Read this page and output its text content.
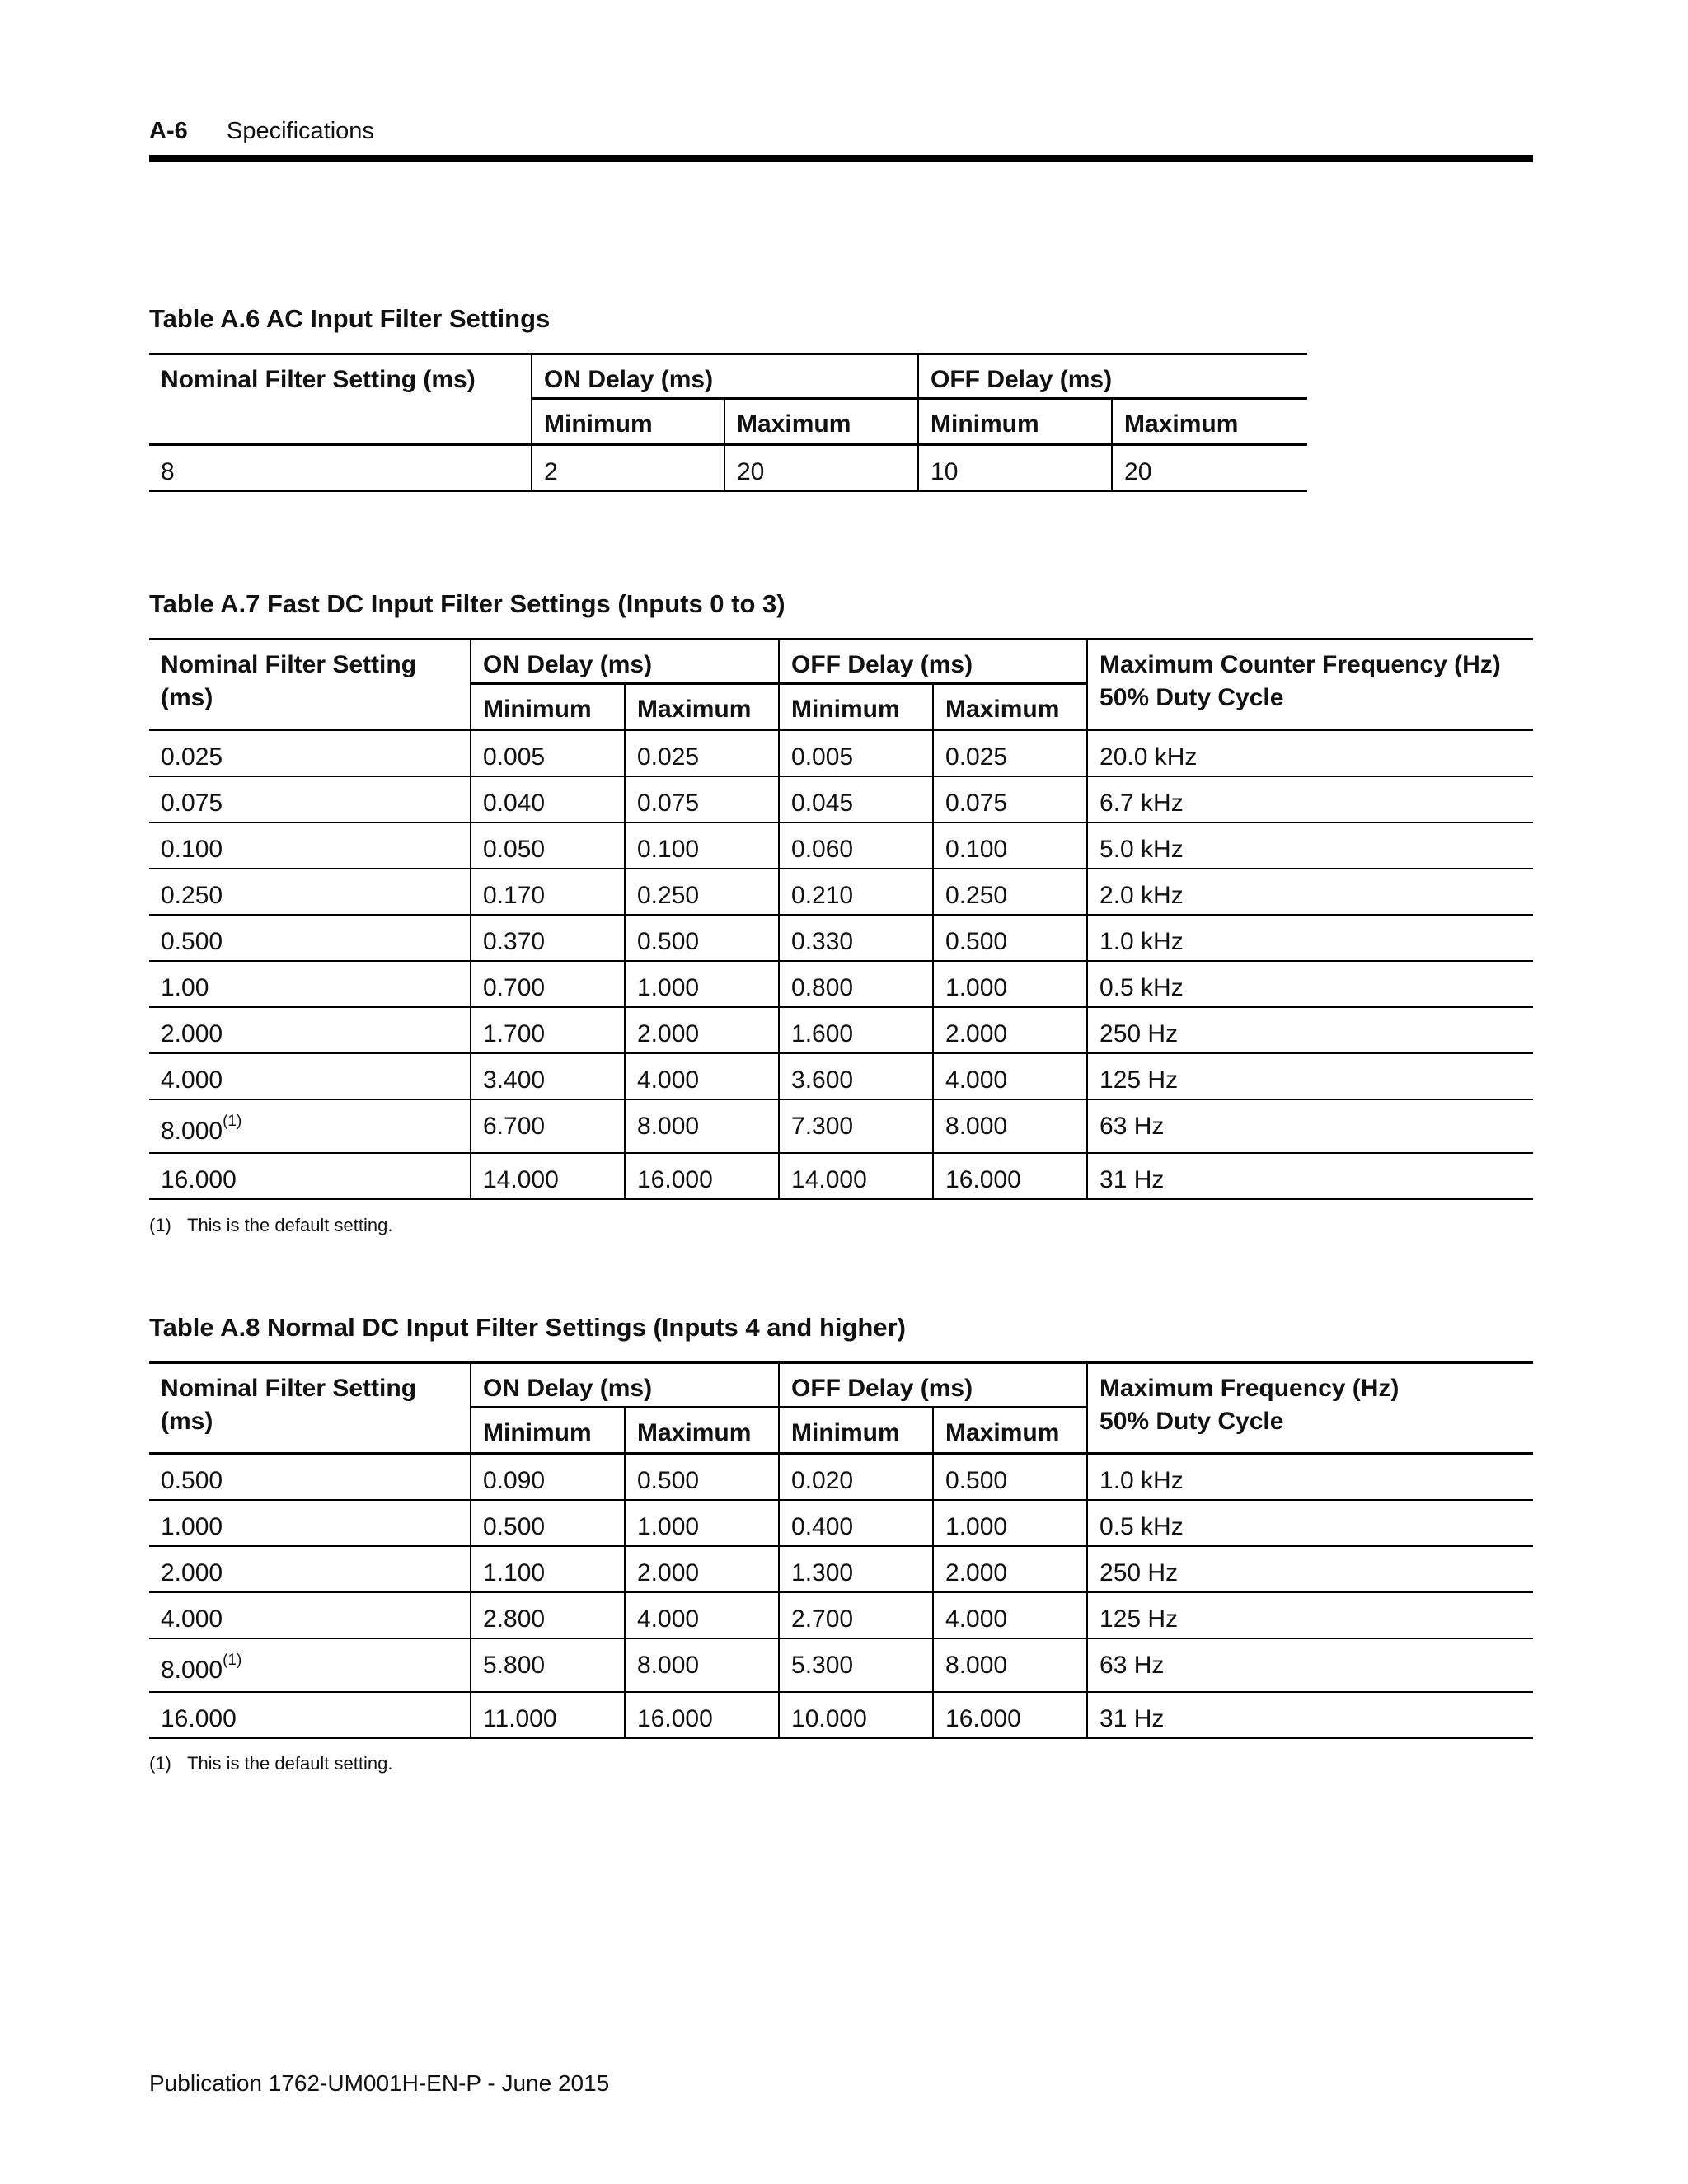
A-6 Specifications
Table A.6 AC Input Filter Settings
Nominal Filter Setting (ms)	ON Delay (ms)		OFF Delay (ms)	
	Minimum	Maximum	Minimum	Maximum
8	2	20	10	20
Table A.7 Fast DC Input Filter Settings (Inputs 0 to 3)
Nominal Filter Setting (ms)	ON Delay (ms)		OFF Delay (ms)		Maximum Counter Frequency (Hz)
50% Duty Cycle

	Minimum	Maximum	Minimum	Maximum	
0.025	0.005	0.025	0.005	0.025	20.0 kHz
0.075	0.040	0.075	0.045	0.075	6.7 kHz
0.100	0.050	0.100	0.060	0.100	5.0 kHz
0.250	0.170	0.250	0.210	0.250	2.0 kHz
0.500	0.370	0.500	0.330	0.500	1.0 kHz
1.00	0.700	1.000	0.800	1.000	0.5 kHz
2.000	1.700	2.000	1.600	2.000	250 Hz
4.000	3.400	4.000	3.600	4.000	125 Hz
8.000$^{(1)}$	6.700	8.000	7.300	8.000	63 Hz
16.000	14.000	16.000	14.000	16.000	31 Hz
(1) This is the default setting.
Table A.8 Normal DC Input Filter Settings (Inputs 4 and higher)
Nominal Filter Setting (ms)	ON Delay (ms)		OFF Delay (ms)		Maximum Frequency (Hz)
50% Duty Cycle

	Minimum	Maximum	Minimum	Maximum	
0.500	0.090	0.500	0.020	0.500	1.0 kHz
1.000	0.500	1.000	0.400	1.000	0.5 kHz
2.000	1.100	2.000	1.300	2.000	250 Hz
4.000	2.800	4.000	2.700	4.000	125 Hz
8.000$^{(1)}$	5.800	8.000	5.300	8.000	63 Hz
16.000	11.000	16.000	10.000	16.000	31 Hz
(1) This is the default setting.
Publication 1762-UM001H-EN-P - June 2015
